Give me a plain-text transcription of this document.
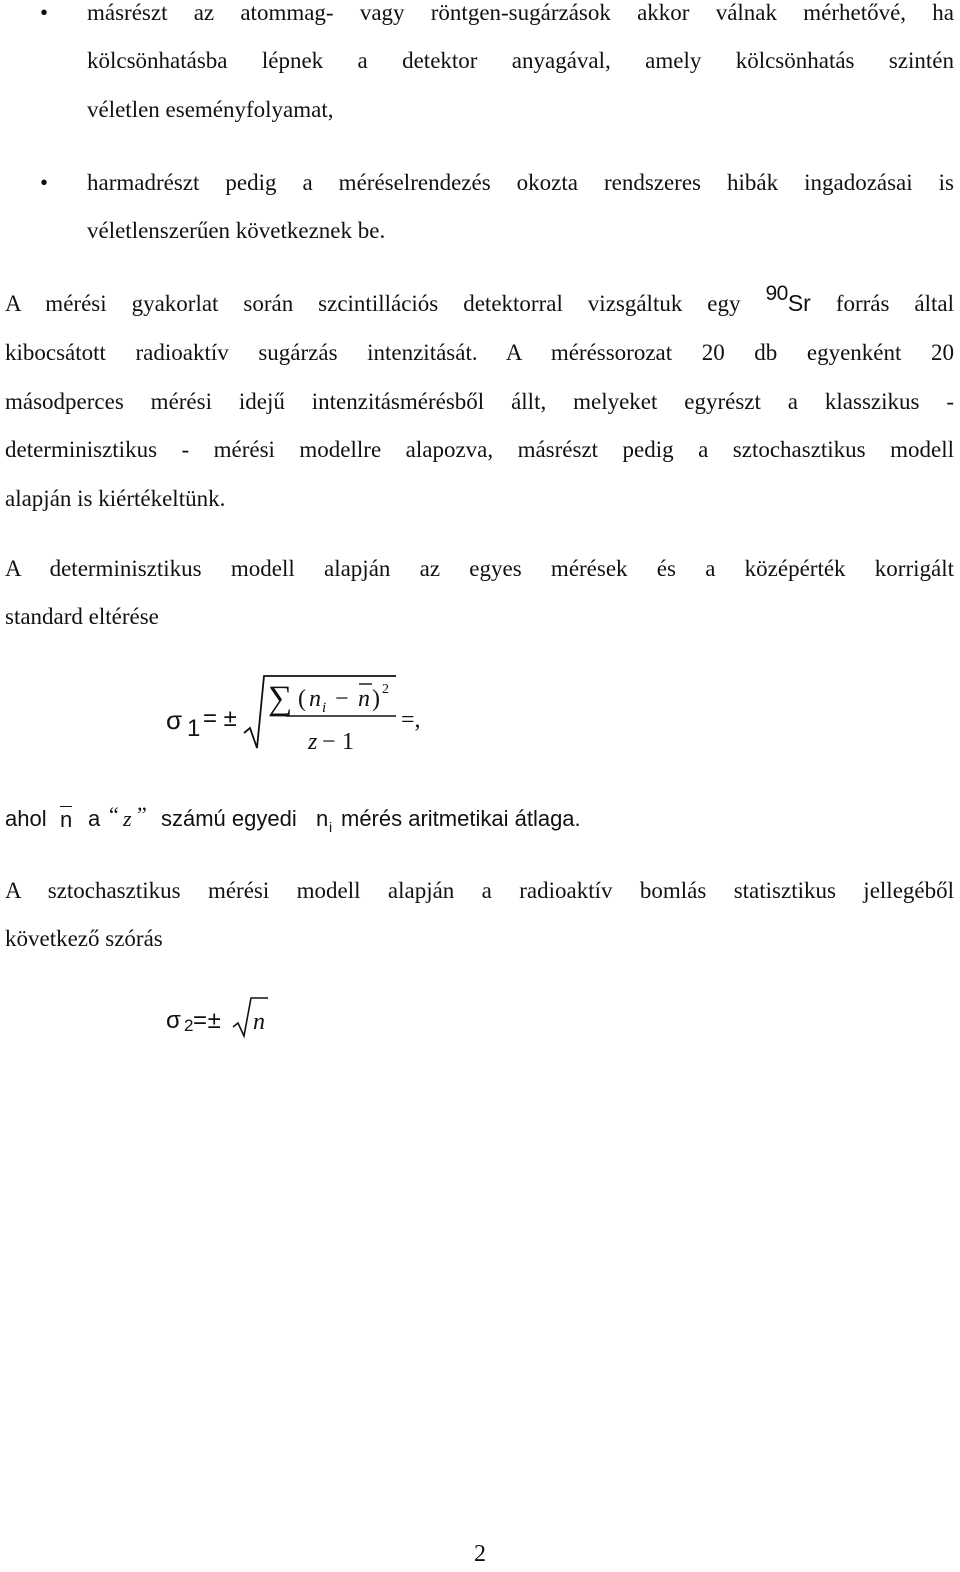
• másrészt az atommag- vagy röntgen-sugárzások akkor válnak mérhetővé, ha
kölcsönhatásba lépnek a detektor anyagával, amely kölcsönhatás szintén
véletlen eseményfolyamat,
• harmadrészt pedig a méréselrendezés okozta rendszeres hibák ingadozásai is
véletlenszerűen következnek be.
A mérési gyakorlat során szcintillációs detektorral vizsgáltuk egy 90Sr forrás által
kibocsátott radioaktív sugárzás intenzitását. A méréssorozat 20 db egyenként 20
másodperces mérési idejű intenzitásmérésből állt, melyeket egyrészt a klasszikus -
determinisztikus - mérési modellre alapozva, másrészt pedig a sztochasztikus modell
alapján is kiértékeltünk.
A determinisztikus modell alapján az egyes mérések és a középérték korrigált
standard eltérése
σ 1 = ±
∑ ( n i − n ) 2
z − 1
=,
ahol n a “ z ” számú egyedi n i mérés aritmetikai átlaga.
A sztochasztikus mérési modell alapján a radioaktív bomlás statisztikus jellegéből
következő szórás
σ 2 = ± n
2
